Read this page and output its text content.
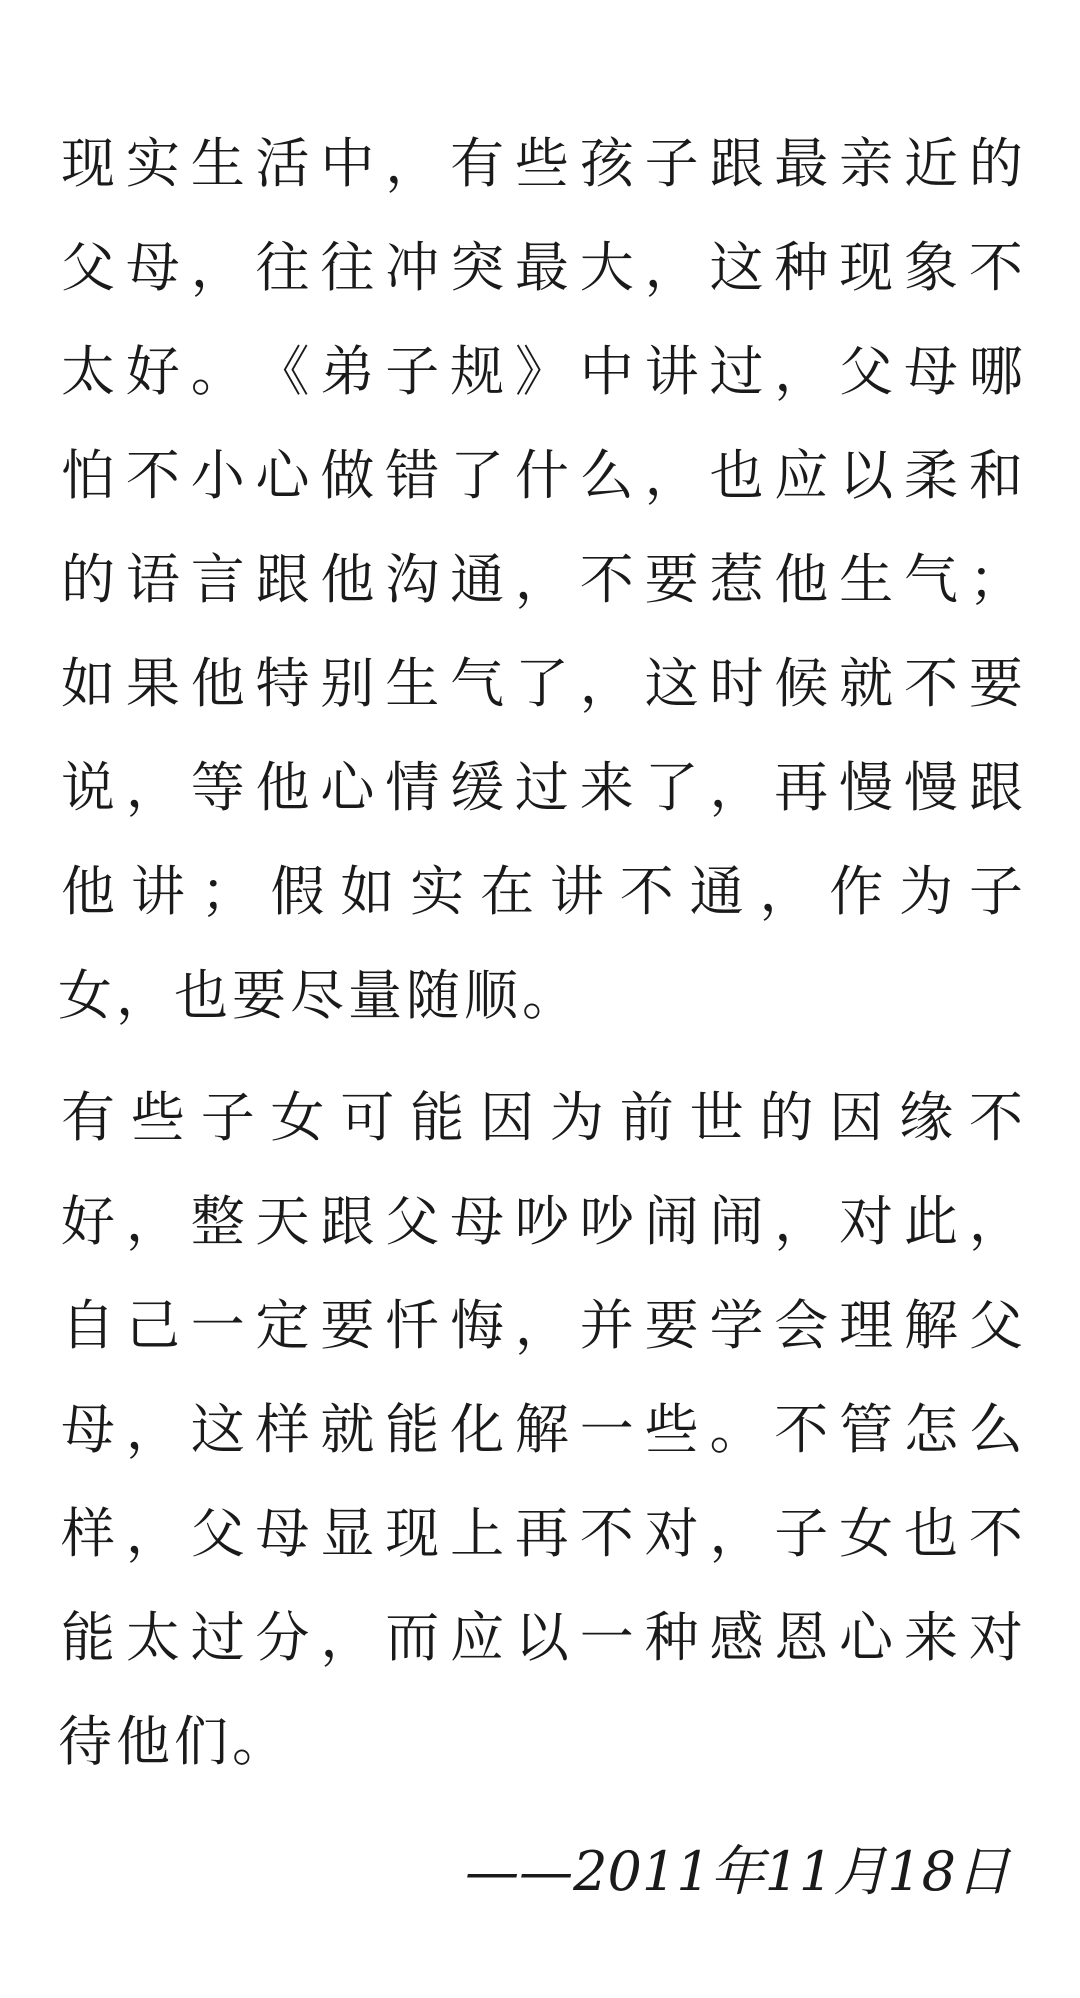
现 实 生 活 中 ， 有 些 孩 子 跟 最 亲 近 的
父 母 ， 往 往 冲 突 最 大 ， 这 种 现 象 不
太 好 。 《 弟 子 规 》 中 讲 过 ， 父 母 哪
怕 不 小 心 做 错 了 什 么 ， 也 应 以 柔 和
的 语 言 跟 他 沟 通 ， 不 要 惹 他 生 气 ；
如 果 他 特 别 生 气 了 ， 这 时 候 就 不 要
说 ， 等 他 心 情 缓 过 来 了 ， 再 慢 慢 跟
他 讲 ； 假 如 实 在 讲 不 通 ， 作 为 子
女 ， 也 要 尽 量 随 顺 。
有 些 子 女 可 能 因 为 前 世 的 因 缘 不
好 ， 整 天 跟 父 母 吵 吵 闹 闹 ， 对 此 ，
自 己 一 定 要 忏 悔 ， 并 要 学 会 理 解 父
母 ， 这 样 就 能 化 解 一 些 。 不 管 怎 么
样 ， 父 母 显 现 上 再 不 对 ， 子 女 也 不
能 太 过 分 ， 而 应 以 一 种 感 恩 心 来 对
待 他 们 。
——2011年11月18日
